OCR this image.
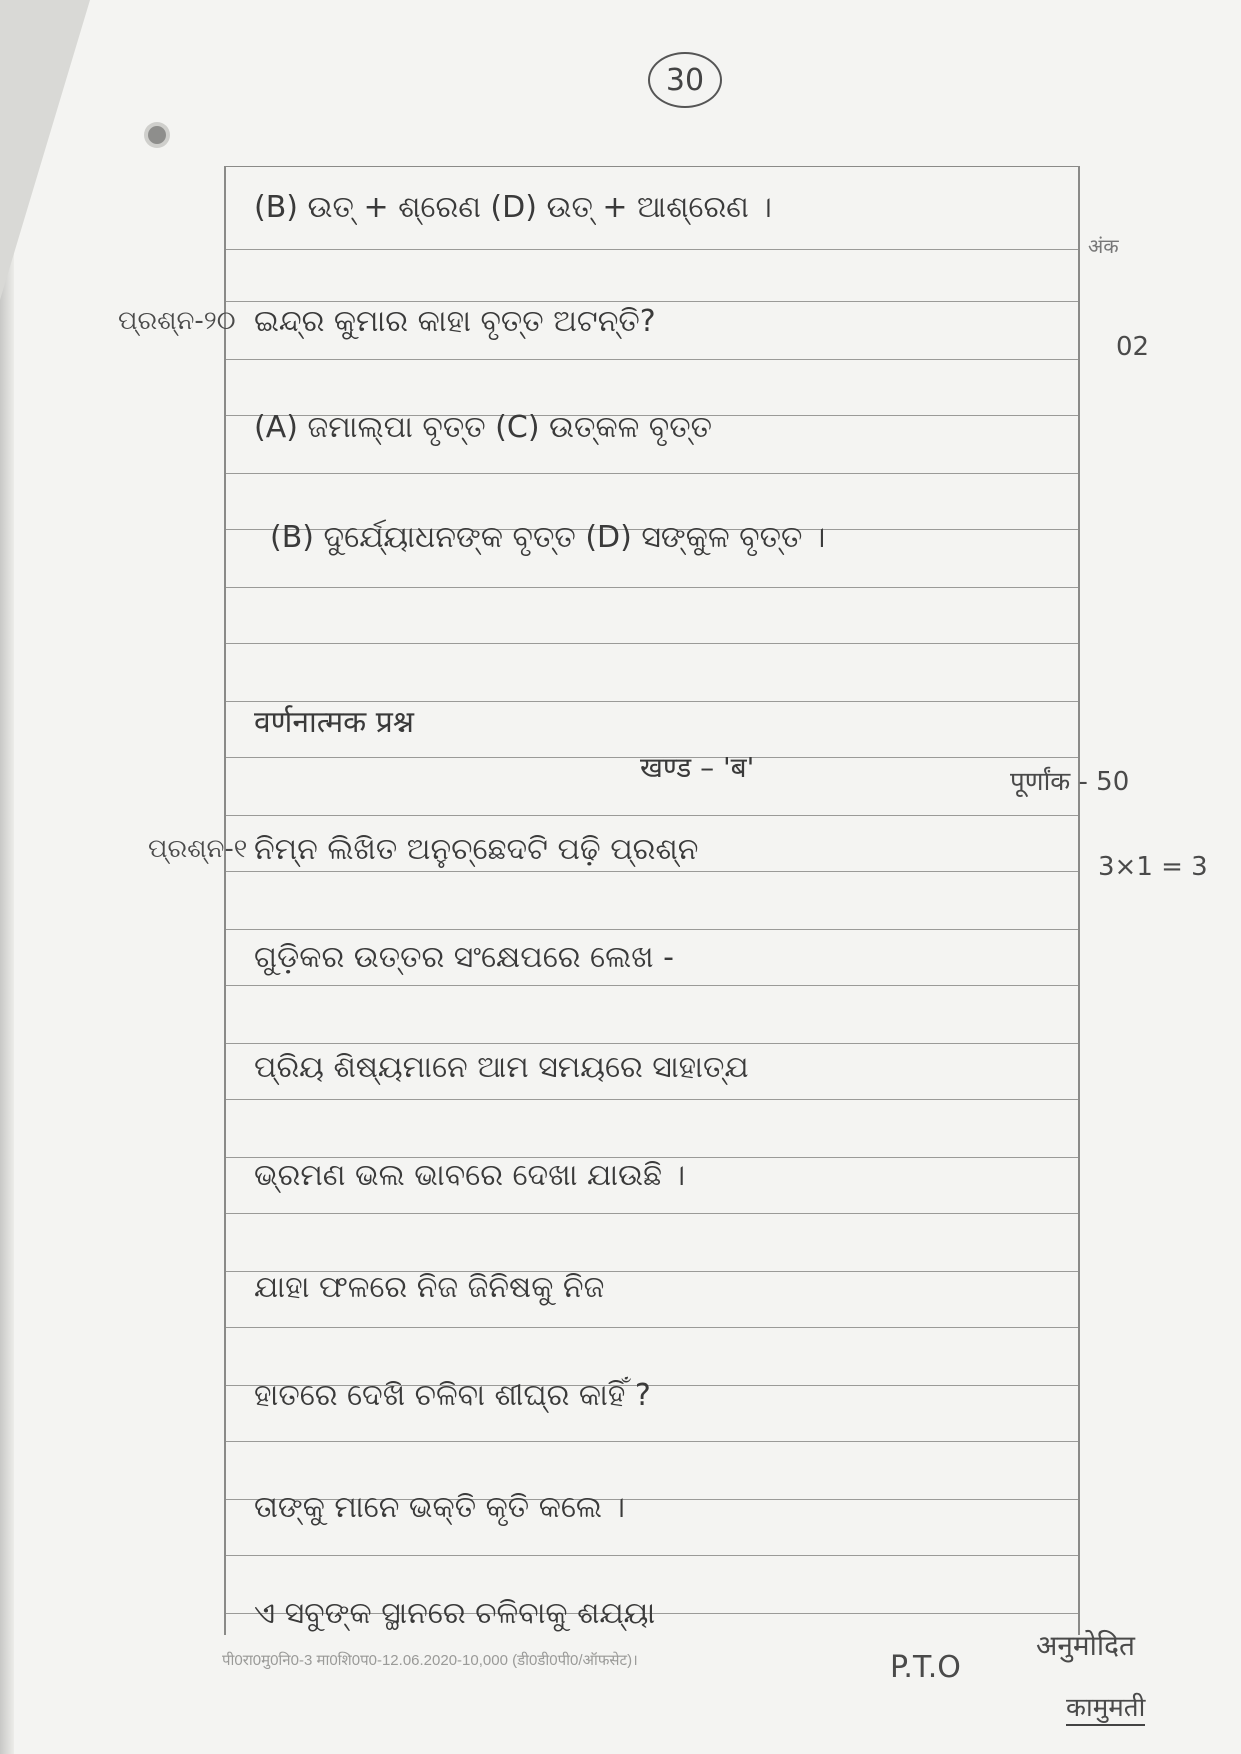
30
अंक
(B) ଉତ୍ + ଶ୍ରେଣ (D) ଉତ୍ + ଆଶ୍ରେଣ ।
ଇନ୍ଦ୍ର କୁମାର କାହା ବୃତ୍ତ ଅଟନ୍ତି?
(A) ଜମାଲ୍ପା ବୃତ୍ତ (C) ଉତ୍କଳ ବୃତ୍ତ
(B) ଦୁର୍ଯ୍ୟୋଧନଙ୍କ ବୃତ୍ତ (D) ସଙ୍କୁଳ ବୃତ୍ତ ।
वर्णनात्मक प्रश्न
खण्ड – 'ब'
ନିମ୍ନ ଲିଖିତ ଅନୁଚ୍ଛେଦଟି ପଢ଼ି ପ୍ରଶ୍ନ
ଗୁଡ଼ିକର ଉତ୍ତର ସଂକ୍ଷେପରେ ଲେଖ -
ପ୍ରିୟ ଶିଷ୍ୟମାନେ ଆମ ସମୟରେ ସାହାତ୍ଯ
ଭ୍ରମଣ ଭଲ ଭାବରେ ଦେଖା ଯାଉଛି ।
ଯାହା ଫଳରେ ନିଜ ଜିନିଷକୁ ନିଜ
ହାତରେ ଦେଖି ଚଳିବା ଶୀଘ୍ର କାହିଁ ?
ତାଙ୍କୁ ମାନେ ଭକ୍ତି କୃତି କଲେ ।
ଏ ସବୁଙ୍କ ସ୍ଥାନରେ ଚଳିବାକୁ ଶଯ୍ୟା
ପ୍ରଶ୍ନ-୨୦
ପ୍ରଶ୍ନ-୧
02
पूर्णांक - 50
3×1 = 3
पी0रा0मु0नि0-3 मा0शि0प0-12.06.2020-10,000 (डी0डी0पी0/ऑफसेट)।	P.T.O
अनुमोदित
कामुमती
